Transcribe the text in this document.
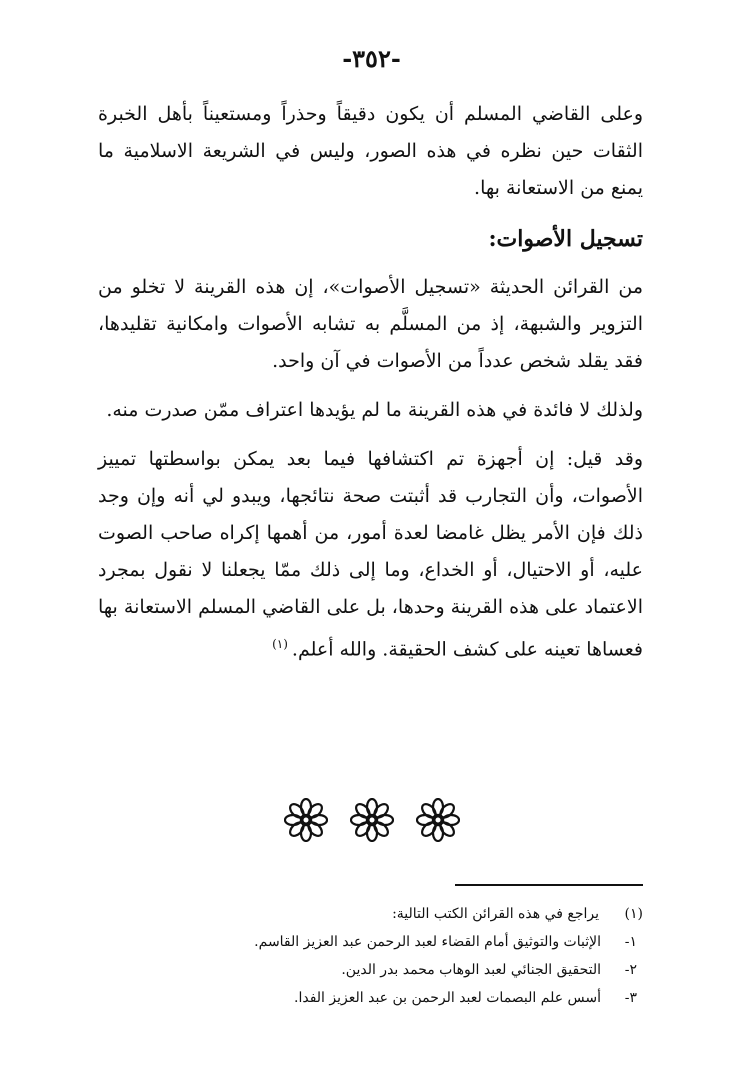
-٣٥٢-

وعلى القاضي المسلم أن يكون دقيقاً وحذراً ومستعيناً بأهل الخبرة الثقات حين نظره في هذه الصور، وليس في الشريعة الاسلامية ما يمنع من الاستعانة بها.

تسجيل الأصوات:

من القرائن الحديثة «تسجيل الأصوات»، إن هذه القرينة لا تخلو من التزوير والشبهة، إذ من المسلَّم به تشابه الأصوات وامكانية تقليدها، فقد يقلد شخص عدداً من الأصوات في آن واحد.

ولذلك لا فائدة في هذه القرينة ما لم يؤيدها اعتراف ممّن صدرت منه.

وقد قيل: إن أجهزة تم اكتشافها فيما بعد يمكن بواسطتها تمييز الأصوات، وأن التجارب قد أثبتت صحة نتائجها، ويبدو لي أنه وإن وجد ذلك فإن الأمر يظل غامضا لعدة أمور، من أهمها إكراه صاحب الصوت عليه، أو الاحتيال، أو الخداع، وما إلى ذلك ممّا يجعلنا لا نقول بمجرد الاعتماد على هذه القرينة وحدها، بل على القاضي المسلم الاستعانة بها فعساها تعينه على كشف الحقيقة. والله أعلم.$^{(١)}$

(١)
يراجع في هذه القرائن الكتب التالية:
١-
الإثبات والتوثيق أمام القضاء لعبد الرحمن عبد العزيز القاسم.
٢-
التحقيق الجنائي لعبد الوهاب محمد بدر الدين.
٣-
أسس علم البصمات لعبد الرحمن بن عبد العزيز الفدا.
